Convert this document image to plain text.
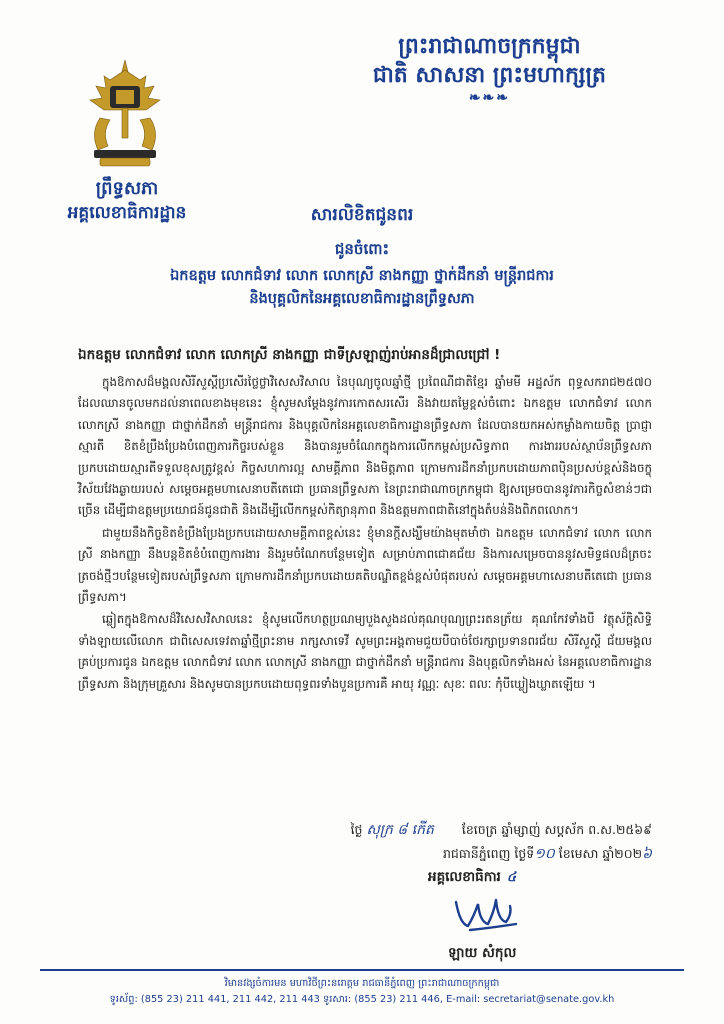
ព្រះរាជាណាចក្រកម្ពុជា
ជាតិ សាសនា ព្រះមហាក្សត្រ
❧❧❧
ព្រឹទ្ធសភា
អគ្គលេខាធិការដ្ឋាន	សារលិខិតជូនពរ
ជូនចំពោះ
ឯកឧត្តម លោកជំទាវ លោក លោកស្រី នាងកញ្ញា ថ្នាក់ដឹកនាំ មន្ត្រីរាជការ
និងបុគ្គលិកនៃអគ្គលេខាធិការដ្ឋានព្រឹទ្ធសភា
ឯកឧត្តម លោកជំទាវ លោក លោកស្រី នាងកញ្ញា ជាទីស្រឡាញ់រាប់អានដ៏ជ្រាលជ្រៅ !

ក្នុងឱកាសដ៏មង្គលសិរីសួស្តីប្រសើរថ្លៃថ្លាវិសេសវិសាល នៃបុណ្យចូលឆ្នាំថ្មី ប្រពៃណីជាតិខ្មែរ ឆ្នាំមមី អដ្ឋស័ក ពុទ្ធសករាជ២៥៧០ ដែលឈានចូលមកដល់នាពេលខាងមុខនេះ ខ្ញុំសូមសម្តែងនូវការកោតសរសើរ និងវាយតម្លៃខ្ពស់ចំពោះ ឯកឧត្តម លោកជំទាវ លោក លោកស្រី នាងកញ្ញា ជាថ្នាក់ដឹកនាំ មន្ត្រីរាជការ និងបុគ្គលិកនៃអគ្គលេខាធិការដ្ឋានព្រឹទ្ធសភា ដែលបានយកអស់កម្លាំងកាយចិត្ត ប្រាជ្ញាស្មារតី ខិតខំប្រឹងប្រែងបំពេញភារកិច្ចរបស់ខ្លួន និងបានរួមចំណែកក្នុងការលើកកម្ពស់ប្រសិទ្ធភាព ការងាររបស់ស្ថាប័នព្រឹទ្ធសភា ប្រកបដោយស្មារតីទទួលខុសត្រូវខ្ពស់ កិច្ចសហការល្អ សាមគ្គីភាព និងមិត្តភាព ក្រោមការដឹកនាំប្រកបដោយភាពប៉ិនប្រសប់ខ្ពស់និងចក្ខុវិស័យវែងឆ្ងាយរបស់ សម្តេចអគ្គមហាសេនាបតីតេជោ ប្រធានព្រឹទ្ធសភា នៃព្រះរាជាណាចក្រកម្ពុជា ឱ្យសម្រេចបាននូវភារកិច្ចសំខាន់ៗជាច្រើន ដើម្បីជាឧត្តមប្រយោជន៍ជូនជាតិ និងដើម្បីលើកកម្ពស់កិត្យានុភាព និងឧត្តមភាពជាតិនៅក្នុងតំបន់និងពិភពលោក។

ជាមួយនឹងកិច្ចខិតខំប្រឹងប្រែងប្រកបដោយសាមគ្គីភាពខ្ពស់នេះ ខ្ញុំមានក្តីសង្ឃឹមយ៉ាងមុតមាំថា ឯកឧត្តម លោកជំទាវ លោក លោកស្រី នាងកញ្ញា នឹងបន្តខិតខំបំពេញការងារ និងរួមចំណែកបន្ថែមទៀត សម្រាប់ភាពជោគជ័យ និងការសម្រេចបាននូវសមិទ្ធផលដ៏ត្រចះត្រចង់ថ្មីៗបន្ថែមទៀតរបស់ព្រឹទ្ធសភា ក្រោមការដឹកនាំប្រកបដោយគតិបណ្ឌិតខ្ពង់ខ្ពស់បំផុតរបស់ សម្តេចអគ្គមហាសេនាបតីតេជោ ប្រធានព្រឹទ្ធសភា។

ឆ្លៀតក្នុងឱកាសដ៏វិសេសវិសាលនេះ ខ្ញុំសូមលើកហត្ថប្រណម្យបួងសួងដល់គុណបុណ្យព្រះរតនត្រ័យ គុណកែវទាំងបី វត្ថុស័ក្តិសិទ្ធិទាំងឡាយលើលោក ជាពិសេសទេវតាឆ្នាំថ្មីព្រះនាម រាក្សសាទេវី សូមព្រះអង្គតាមជួយបីបាច់ថែរក្សាប្រទានពរជ័យ សិរីសួស្តី ជ័យមង្គលគ្រប់ប្រការជូន ឯកឧត្តម លោកជំទាវ លោក លោកស្រី នាងកញ្ញា ជាថ្នាក់ដឹកនាំ មន្ត្រីរាជការ និងបុគ្គលិកទាំងអស់ នៃអគ្គលេខាធិការដ្ឋានព្រឹទ្ធសភា និងក្រុមគ្រួសារ និងសូមបានប្រកបដោយពុទ្ធពរទាំងបួនប្រការគឺ អាយុ វណ្ណៈ សុខៈ ពលៈ កុំបីឃ្លៀងឃ្លាតឡើយ ។

ថ្ងៃ សុក្រ ៨ កើត ខែចេត្រ ឆ្នាំម្សាញ់ សប្តស័ក ព.ស.២៥៦៩
រាជធានីភ្នំពេញ ថ្ងៃទី១០ ខែមេសា ឆ្នាំ២០២៦
អគ្គលេខាធិការ ៤
ឡាយ សំកុល
វិមានវង្សចំការមន មហាវិថីព្រះនរោត្តម រាជធានីភ្នំពេញ ព្រះរាជាណាចក្រកម្ពុជា
ទូរស័ព្ទ: (855 23) 211 441, 211 442, 211 443 ទូរសារ: (855 23) 211 446, E-mail: secretariat@senate.gov.kh
